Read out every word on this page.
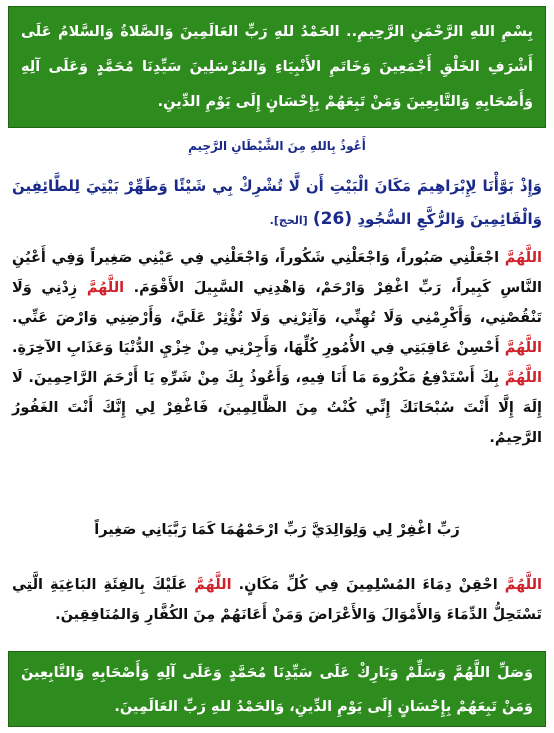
بِسْمِ اللهِ الرَّحْمَنِ الرَّحِيمِ.. الحَمْدُ للهِ رَبِّ العَالَمِينَ وَالصَّلاةُ وَالسَّلامُ عَلَى أَشْرَفِ الخَلْقِ أَجْمَعِينَ وَخَاتَمِ الأَنْبِيَاءِ وَالمُرْسَلِينَ سَيِّدِنَا مُحَمَّدٍ وَعَلَى آلِهِ وَأَصْحَابِهِ وَالتَّابِعِينَ وَمَنْ تَبِعَهُمْ بِإِحْسَانٍ إِلَى يَوْمِ الدِّينِ.
أَعُوذُ بِاللهِ مِنَ الشَّيْطَانِ الرَّجِيمِ
وَإِذْ بَوَّأْنَا لِإِبْرَاهِيمَ مَكَانَ الْبَيْتِ أَن لَّا تُشْرِكْ بِي شَيْئًا وَطَهِّرْ بَيْتِيَ لِلطَّائِفِينَ وَالْقَائِمِينَ وَالرُّكَّعِ السُّجُودِ (26) [الحج].
اللَّهُمَّ اجْعَلْنِي صَبُوراً، وَاجْعَلْنِي شَكُوراً، وَاجْعَلْنِي فِي عَيْنِي صَغِيراً وَفِي أَعْيُنِ النَّاسِ كَبِيراً، رَبِّ اغْفِرْ وَارْحَمْ، وَاهْدِنِي السَّبِيلَ الأَقْوَمَ. اللَّهُمَّ زِدْنِي وَلَا تَنْقُصْنِي، وَأَكْرِمْنِي وَلَا تُهِنِّي، وَآثِرْنِي وَلَا تُؤْثِرْ عَلَيَّ، وَأَرْضِنِي وَارْضَ عَنِّي. اللَّهُمَّ أَحْسِنْ عَاقِبَتِي فِي الأُمُورِ كُلِّهَا، وَأَجِرْنِي مِنْ خِزْيِ الدُّنْيَا وَعَذَابِ الآخِرَةِ. اللَّهُمَّ بِكَ أَسْتَدْفِعُ مَكْرُوهَ مَا أَنَا فِيهِ، وَأَعُوذُ بِكَ مِنْ شَرِّهِ يَا أَرْحَمَ الرَّاحِمِينَ. لَا إِلَهَ إِلَّا أَنْتَ سُبْحَانَكَ إِنِّي كُنْتُ مِنَ الظَّالِمِينَ، فَاغْفِرْ لِي إِنَّكَ أَنْتَ الغَفُورُ الرَّحِيمُ.
رَبِّ اغْفِرْ لِي وَلِوَالِدَيَّ رَبِّ ارْحَمْهُمَا كَمَا رَبَّيَانِي صَغِيراً
اللَّهُمَّ احْقِنْ دِمَاءَ المُسْلِمِينَ فِي كُلِّ مَكَانٍ. اللَّهُمَّ عَلَيْكَ بِالفِئَةِ البَاغِيَةِ الَّتِي تَسْتَحِلُّ الدِّمَاءَ وَالأَمْوَالَ وَالأَعْرَاضَ وَمَنْ أَعَانَهُمْ مِنَ الكُفَّارِ وَالمُنَافِقِينَ.
وَصَلِّ اللَّهُمَّ وَسَلِّمْ وَبَارِكْ عَلَى سَيِّدِنَا مُحَمَّدٍ وَعَلَى آلِهِ وَأَصْحَابِهِ وَالتَّابِعِينَ وَمَنْ تَبِعَهُمْ بِإِحْسَانٍ إِلَى يَوْمِ الدِّينِ، وَالحَمْدُ للهِ رَبِّ العَالَمِينَ.
